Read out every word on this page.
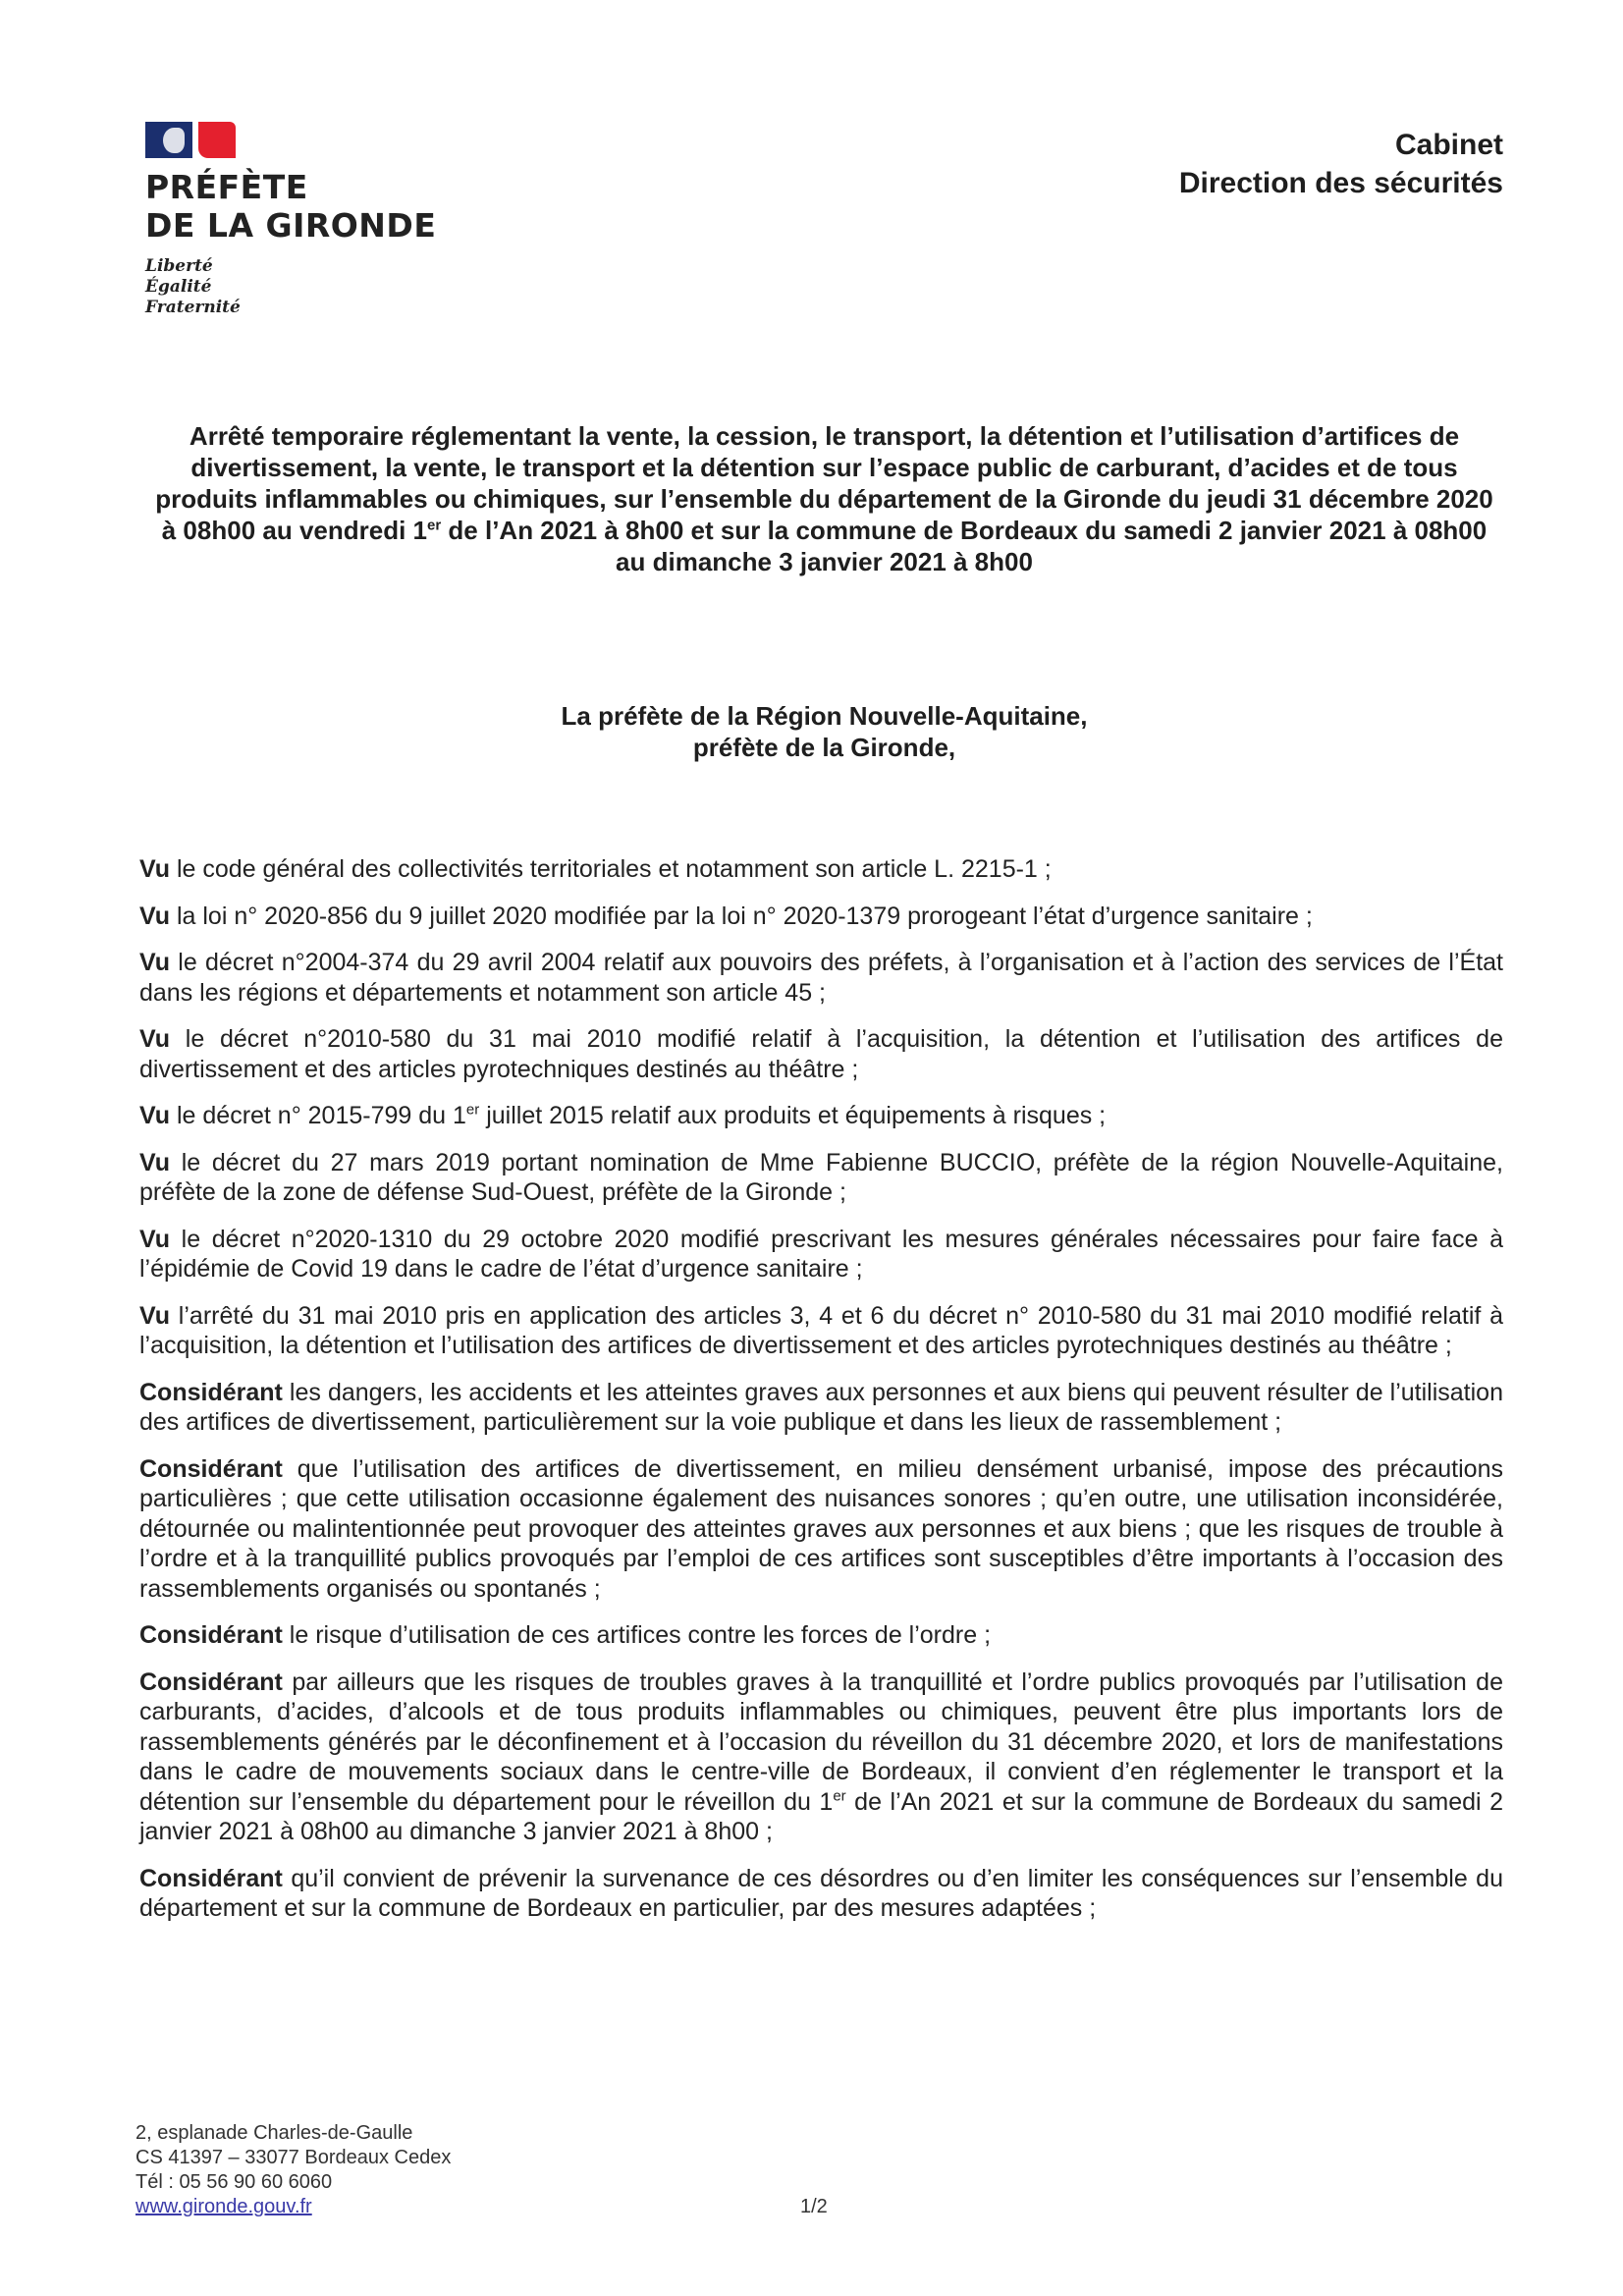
PRÉFÈTE
DE LA GIRONDE
Liberté
Égalité
Fraternité
Cabinet
Direction des sécurités
Arrêté temporaire réglementant la vente, la cession, le transport, la détention et l’utilisation d’artifices de divertissement, la vente, le transport et la détention sur l’espace public de carburant, d’acides et de tous produits inflammables ou chimiques, sur l’ensemble du département de la Gironde du jeudi 31 décembre 2020 à 08h00 au vendredi 1er de l’An 2021 à 8h00 et sur la commune de Bordeaux du samedi 2 janvier 2021 à 08h00 au dimanche 3 janvier 2021 à 8h00
La préfète de la Région Nouvelle-Aquitaine,
préfète de la Gironde,

Vu le code général des collectivités territoriales et notamment son article L. 2215-1 ;

Vu la loi n° 2020-856 du 9 juillet 2020 modifiée par la loi n° 2020-1379 prorogeant l’état d’urgence sanitaire ;

Vu le décret n°2004-374 du 29 avril 2004 relatif aux pouvoirs des préfets, à l’organisation et à l’action des services de l’État dans les régions et départements et notamment son article 45 ;

Vu le décret n°2010-580 du 31 mai 2010 modifié relatif à l’acquisition, la détention et l’utilisation des artifices de divertissement et des articles pyrotechniques destinés au théâtre ;

Vu le décret n° 2015-799 du 1er juillet 2015 relatif aux produits et équipements à risques ;

Vu le décret du 27 mars 2019 portant nomination de Mme Fabienne BUCCIO, préfète de la région Nouvelle-Aquitaine, préfète de la zone de défense Sud-Ouest, préfète de la Gironde ;

Vu le décret n°2020-1310 du 29 octobre 2020 modifié prescrivant les mesures générales nécessaires pour faire face à l’épidémie de Covid 19 dans le cadre de l’état d’urgence sanitaire ;

Vu l’arrêté du 31 mai 2010 pris en application des articles 3, 4 et 6 du décret n° 2010-580 du 31 mai 2010 modifié relatif à l’acquisition, la détention et l’utilisation des artifices de divertissement et des articles pyrotechniques destinés au théâtre ;

Considérant les dangers, les accidents et les atteintes graves aux personnes et aux biens qui peuvent résulter de l’utilisation des artifices de divertissement, particulièrement sur la voie publique et dans les lieux de rassemblement ;

Considérant que l’utilisation des artifices de divertissement, en milieu densément urbanisé, impose des précautions particulières ; que cette utilisation occasionne également des nuisances sonores ; qu’en outre, une utilisation inconsidérée, détournée ou malintentionnée peut provoquer des atteintes graves aux personnes et aux biens ; que les risques de trouble à l’ordre et à la tranquillité publics provoqués par l’emploi de ces artifices sont susceptibles d’être importants à l’occasion des rassemblements organisés ou spontanés ;

Considérant le risque d’utilisation de ces artifices contre les forces de l’ordre ;

Considérant par ailleurs que les risques de troubles graves à la tranquillité et l’ordre publics provoqués par l’utilisation de carburants, d’acides, d’alcools et de tous produits inflammables ou chimiques, peuvent être plus importants lors de rassemblements générés par le déconfinement et à l’occasion du réveillon du 31 décembre 2020, et lors de manifestations dans le cadre de mouvements sociaux dans le centre-ville de Bordeaux, il convient d’en réglementer le transport et la détention sur l’ensemble du département pour le réveillon du 1er de l’An 2021 et sur la commune de Bordeaux du samedi 2 janvier 2021 à 08h00 au dimanche 3 janvier 2021 à 8h00 ;

Considérant qu’il convient de prévenir la survenance de ces désordres ou d’en limiter les conséquences sur l’ensemble du département et sur la commune de Bordeaux en particulier, par des mesures adaptées ;

2, esplanade Charles-de-Gaulle
CS 41397 – 33077 Bordeaux Cedex
Tél : 05 56 90 60 6060
www.gironde.gouv.fr	1/2
